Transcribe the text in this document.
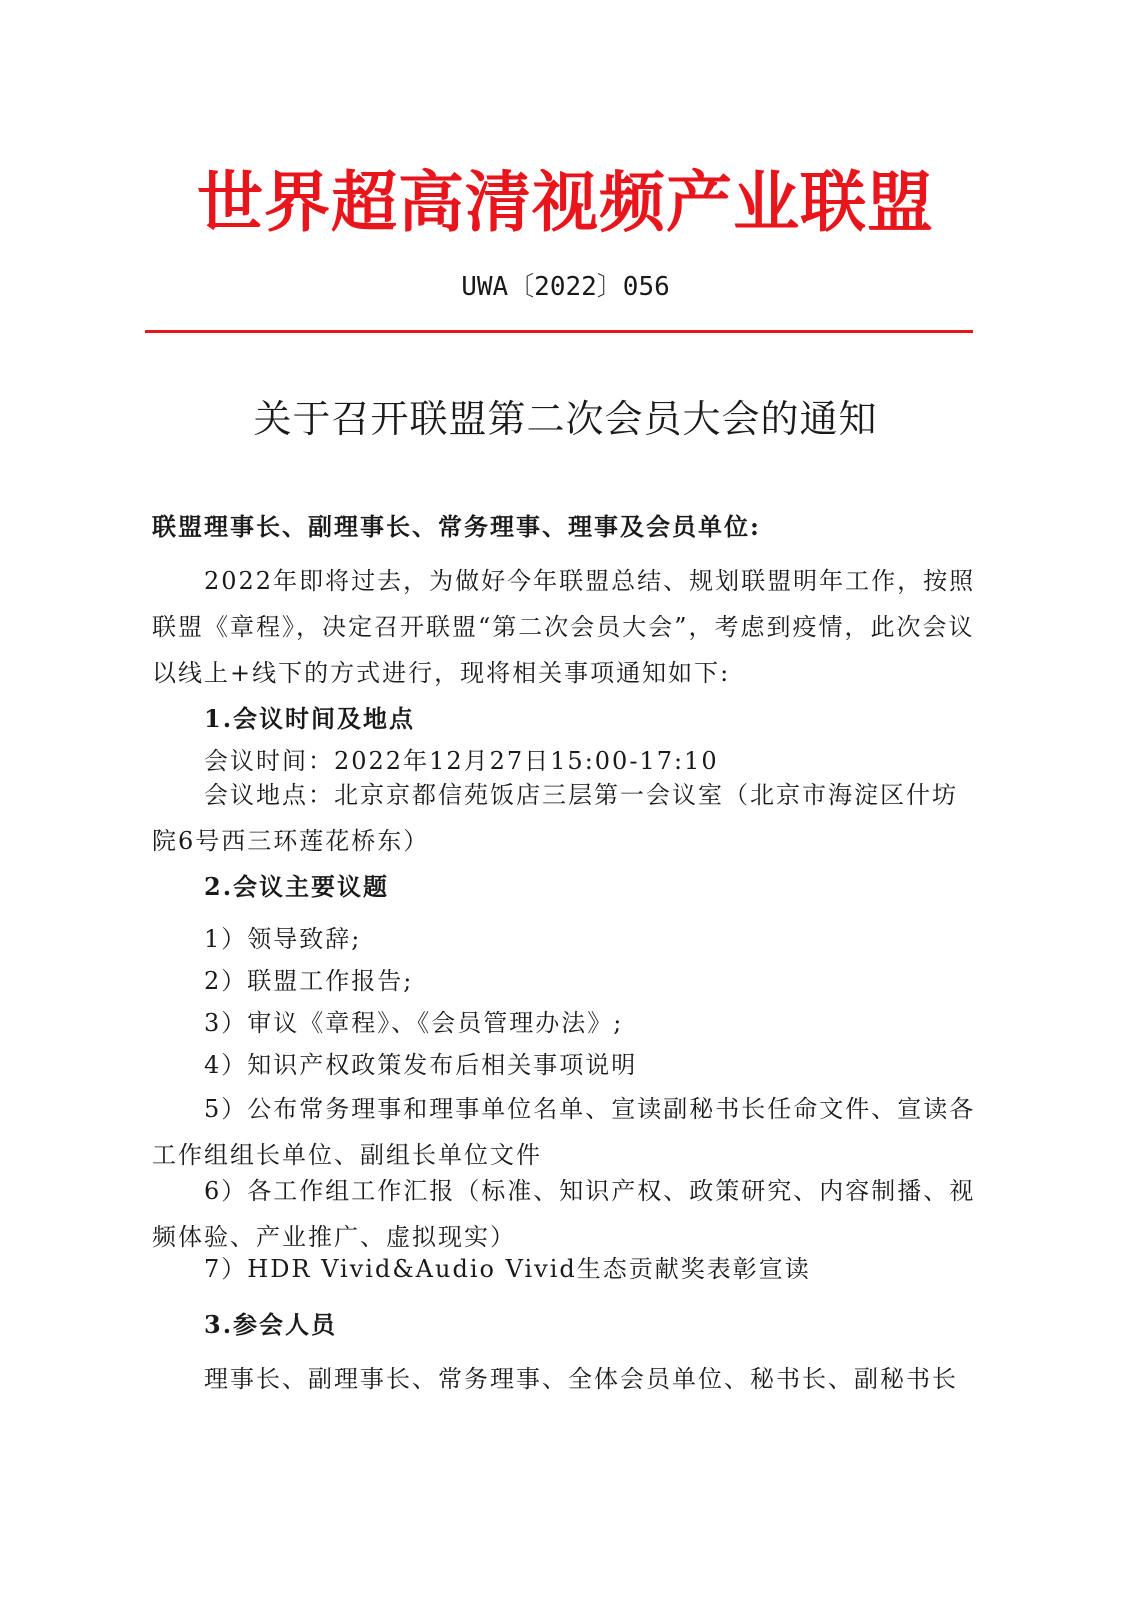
世界超高清视频产业联盟
UWA〔2022〕056
关于召开联盟第二次会员大会的通知
联盟理事长、副理事长、常务理事、理事及会员单位:
2022年即将过去，为做好今年联盟总结、规划联盟明年工作，按照联盟《章程》，决定召开联盟“第二次会员大会”，考虑到疫情，此次会议以线上+线下的方式进行，现将相关事项通知如下:
1.会议时间及地点
会议时间：2022年12月27日15:00-17:10
会议地点：北京京都信苑饭店三层第一会议室（北京市海淀区什坊院6号西三环莲花桥东）
2.会议主要议题
1）领导致辞;
2）联盟工作报告;
3）审议《章程》、《会员管理办法》;
4）知识产权政策发布后相关事项说明
5）公布常务理事和理事单位名单、宣读副秘书长任命文件、宣读各工作组组长单位、副组长单位文件
6）各工作组工作汇报（标准、知识产权、政策研究、内容制播、视频体验、产业推广、虚拟现实）
7）HDR Vivid&Audio Vivid生态贡献奖表彰宣读
3.参会人员
理事长、副理事长、常务理事、全体会员单位、秘书长、副秘书长
